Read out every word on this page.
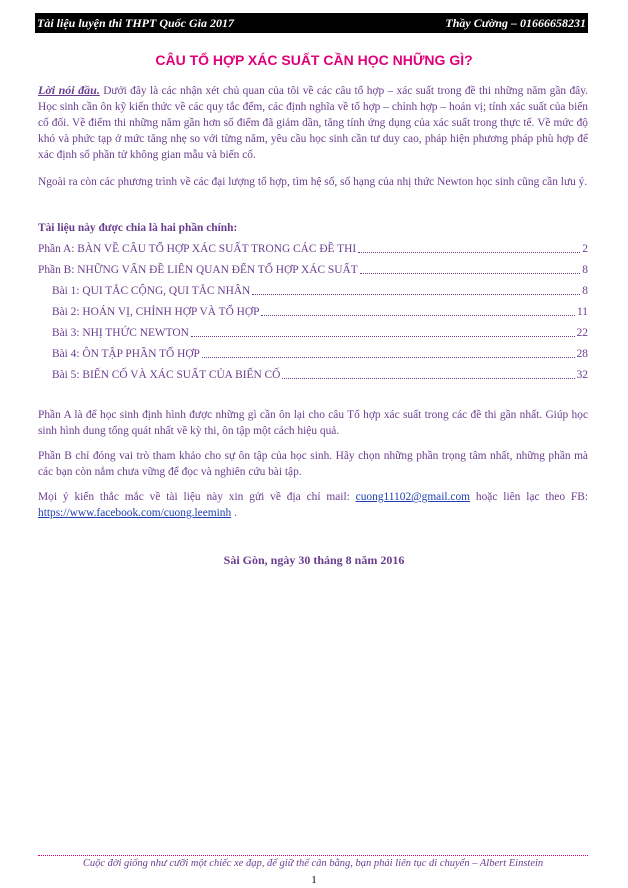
Tài liệu luyện thi THPT Quốc Gia 2017	Thầy Cường – 01666658231
CÂU TỔ HỢP XÁC SUẤT CẦN HỌC NHỮNG GÌ?
Lời nói đầu. Dưới đây là các nhận xét chủ quan của tôi về các câu tổ hợp – xác suất trong đề thi những năm gần đây. Học sinh cần ôn kỹ kiến thức về các quy tắc đếm, các định nghĩa về tổ hợp – chỉnh hợp – hoán vị; tính xác suất của biến cố đối. Về điểm thi những năm gần hơn số điểm đã giảm dần, tăng tính ứng dụng của xác suất trong thực tế. Về mức độ khó và phức tạp ở mức tăng nhẹ so với từng năm, yêu cầu học sinh cần tư duy cao, pháp hiện phương pháp phù hợp để xác định số phần tử không gian mẫu và biến cố.
Ngoài ra còn các phương trình về các đại lượng tổ hợp, tìm hệ số, số hạng của nhị thức Newton học sinh cũng cần lưu ý.
Tài liệu này được chia là hai phần chính:
Phần A: BÀN VỀ CÂU TỔ HỢP XÁC SUẤT TRONG CÁC ĐỀ THI	2
Phần B: NHỮNG VẤN ĐỀ LIÊN QUAN ĐẾN TỔ HỢP XÁC SUẤT	8
Bài 1: QUI TẮC CỘNG, QUI TẮC NHÂN	8
Bài 2: HOÁN VỊ, CHỈNH HỢP VÀ TỔ HỢP	11
Bài 3: NHỊ THỨC NEWTON	22
Bài 4: ÔN TẬP PHẦN TỔ HỢP	28
Bài 5: BIẾN CỐ VÀ XÁC SUẤT CỦA BIẾN CỐ	32
Phần A là để học sinh định hình được những gì cần ôn lại cho câu Tổ hợp xác suất trong các đề thi gần nhất. Giúp học sinh hình dung tổng quát nhất về kỳ thi, ôn tập một cách hiệu quả.
Phần B chỉ đóng vai trò tham khảo cho sự ôn tập của học sinh. Hãy chọn những phần trọng tâm nhất, những phần mà các bạn còn nắm chưa vững để đọc và nghiên cứu bài tập.
Mọi ý kiến thắc mắc về tài liệu này xin gửi về địa chỉ mail: cuong11102@gmail.com hoặc liên lạc theo FB: https://www.facebook.com/cuong.leeminh .
Sài Gòn, ngày 30 tháng 8 năm 2016
Cuộc đời giống như cưỡi một chiếc xe đạp, để giữ thế cân bằng, bạn phải liên tục di chuyển – Albert Einstein
1
